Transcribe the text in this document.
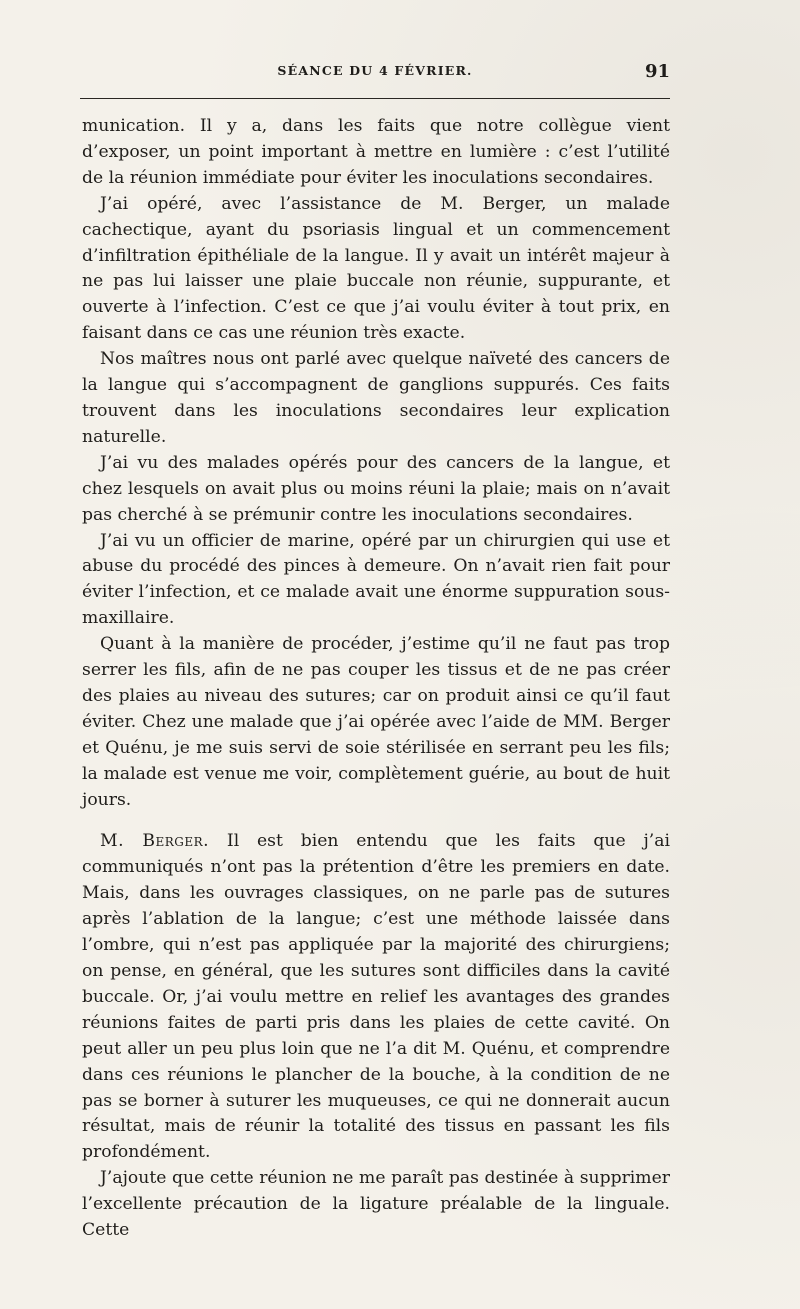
SÉANCE DU 4 FÉVRIER.	91

munication. Il y a, dans les faits que notre collègue vient d’exposer, un point important à mettre en lumière : c’est l’utilité de la réunion immédiate pour éviter les inoculations secondaires.

J’ai opéré, avec l’assistance de M. Berger, un malade cachectique, ayant du psoriasis lingual et un commencement d’infiltration épithéliale de la langue. Il y avait un intérêt majeur à ne pas lui laisser une plaie buccale non réunie, suppurante, et ouverte à l’infection. C’est ce que j’ai voulu éviter à tout prix, en faisant dans ce cas une réunion très exacte.

Nos maîtres nous ont parlé avec quelque naïveté des cancers de la langue qui s’accompagnent de ganglions suppurés. Ces faits trouvent dans les inoculations secondaires leur explication naturelle.

J’ai vu des malades opérés pour des cancers de la langue, et chez lesquels on avait plus ou moins réuni la plaie; mais on n’avait pas cherché à se prémunir contre les inoculations secondaires.

J’ai vu un officier de marine, opéré par un chirurgien qui use et abuse du procédé des pinces à demeure. On n’avait rien fait pour éviter l’infection, et ce malade avait une énorme suppuration sous-maxillaire.

Quant à la manière de procéder, j’estime qu’il ne faut pas trop serrer les fils, afin de ne pas couper les tissus et de ne pas créer des plaies au niveau des sutures; car on produit ainsi ce qu’il faut éviter. Chez une malade que j’ai opérée avec l’aide de MM. Berger et Quénu, je me suis servi de soie stérilisée en serrant peu les fils; la malade est venue me voir, complètement guérie, au bout de huit jours.

M. Berger. Il est bien entendu que les faits que j’ai communiqués n’ont pas la prétention d’être les premiers en date. Mais, dans les ouvrages classiques, on ne parle pas de sutures après l’ablation de la langue; c’est une méthode laissée dans l’ombre, qui n’est pas appliquée par la majorité des chirurgiens; on pense, en général, que les sutures sont difficiles dans la cavité buccale. Or, j’ai voulu mettre en relief les avantages des grandes réunions faites de parti pris dans les plaies de cette cavité. On peut aller un peu plus loin que ne l’a dit M. Quénu, et comprendre dans ces réunions le plancher de la bouche, à la condition de ne pas se borner à suturer les muqueuses, ce qui ne donnerait aucun résultat, mais de réunir la totalité des tissus en passant les fils profondément.

J’ajoute que cette réunion ne me paraît pas destinée à supprimer l’excellente précaution de la ligature préalable de la linguale. Cette
